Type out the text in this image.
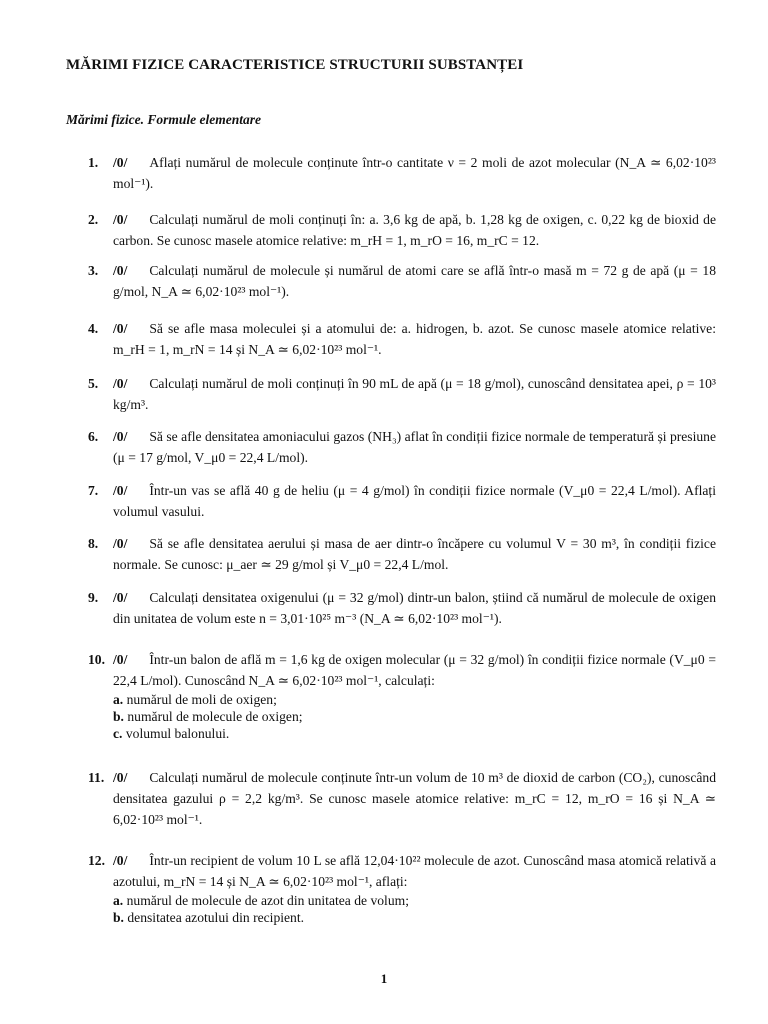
MĂRIMI FIZICE CARACTERISTICE STRUCTURII SUBSTANȚEI
Mărimi fizice. Formule elementare
1.	/0/ Aflați numărul de molecule conținute într-o cantitate ν = 2 moli de azot molecular (N_A ≃ 6,02·10²³ mol⁻¹).
2.	/0/ Calculați numărul de moli conținuți în: a. 3,6 kg de apă, b. 1,28 kg de oxigen, c. 0,22 kg de bioxid de carbon. Se cunosc masele atomice relative: m_rH = 1, m_rO = 16, m_rC = 12.
3.	/0/ Calculați numărul de molecule și numărul de atomi care se află într-o masă m = 72 g de apă (μ = 18 g/mol, N_A ≃ 6,02·10²³ mol⁻¹).
4.	/0/ Să se afle masa moleculei și a atomului de: a. hidrogen, b. azot. Se cunosc masele atomice relative: m_rH = 1, m_rN = 14 și N_A ≃ 6,02·10²³ mol⁻¹.
5.	/0/ Calculați numărul de moli conținuți în 90 mL de apă (μ = 18 g/mol), cunoscând densitatea apei, ρ = 10³ kg/m³.
6.	/0/ Să se afle densitatea amoniacului gazos (NH₃) aflat în condiții fizice normale de temperatură și presiune (μ = 17 g/mol, V_μ0 = 22,4 L/mol).
7.	/0/ Într-un vas se află 40 g de heliu (μ = 4 g/mol) în condiții fizice normale (V_μ0 = 22,4 L/mol). Aflați volumul vasului.
8.	/0/ Să se afle densitatea aerului și masa de aer dintr-o încăpere cu volumul V = 30 m³, în condiții fizice normale. Se cunosc: μ_aer ≃ 29 g/mol și V_μ0 = 22,4 L/mol.
9.	/0/ Calculați densitatea oxigenului (μ = 32 g/mol) dintr-un balon, știind că numărul de molecule de oxigen din unitatea de volum este n = 3,01·10²⁵ m⁻³ (N_A ≃ 6,02·10²³ mol⁻¹).
10. /0/ Într-un balon de află m = 1,6 kg de oxigen molecular (μ = 32 g/mol) în condiții fizice normale (V_μ0 = 22,4 L/mol). Cunoscând N_A ≃ 6,02·10²³ mol⁻¹, calculați:
a. numărul de moli de oxigen;
b. numărul de molecule de oxigen;
c. volumul balonului.
11. /0/ Calculați numărul de molecule conținute într-un volum de 10 m³ de dioxid de carbon (CO₂), cunoscând densitatea gazului ρ = 2,2 kg/m³. Se cunosc masele atomice relative: m_rC = 12, m_rO = 16 și N_A ≃ 6,02·10²³ mol⁻¹.
12. /0/ Într-un recipient de volum 10 L se află 12,04·10²² molecule de azot. Cunoscând masa atomică relativă a azotului, m_rN = 14 și N_A ≃ 6,02·10²³ mol⁻¹, aflați:
a. numărul de molecule de azot din unitatea de volum;
b. densitatea azotului din recipient.
1
